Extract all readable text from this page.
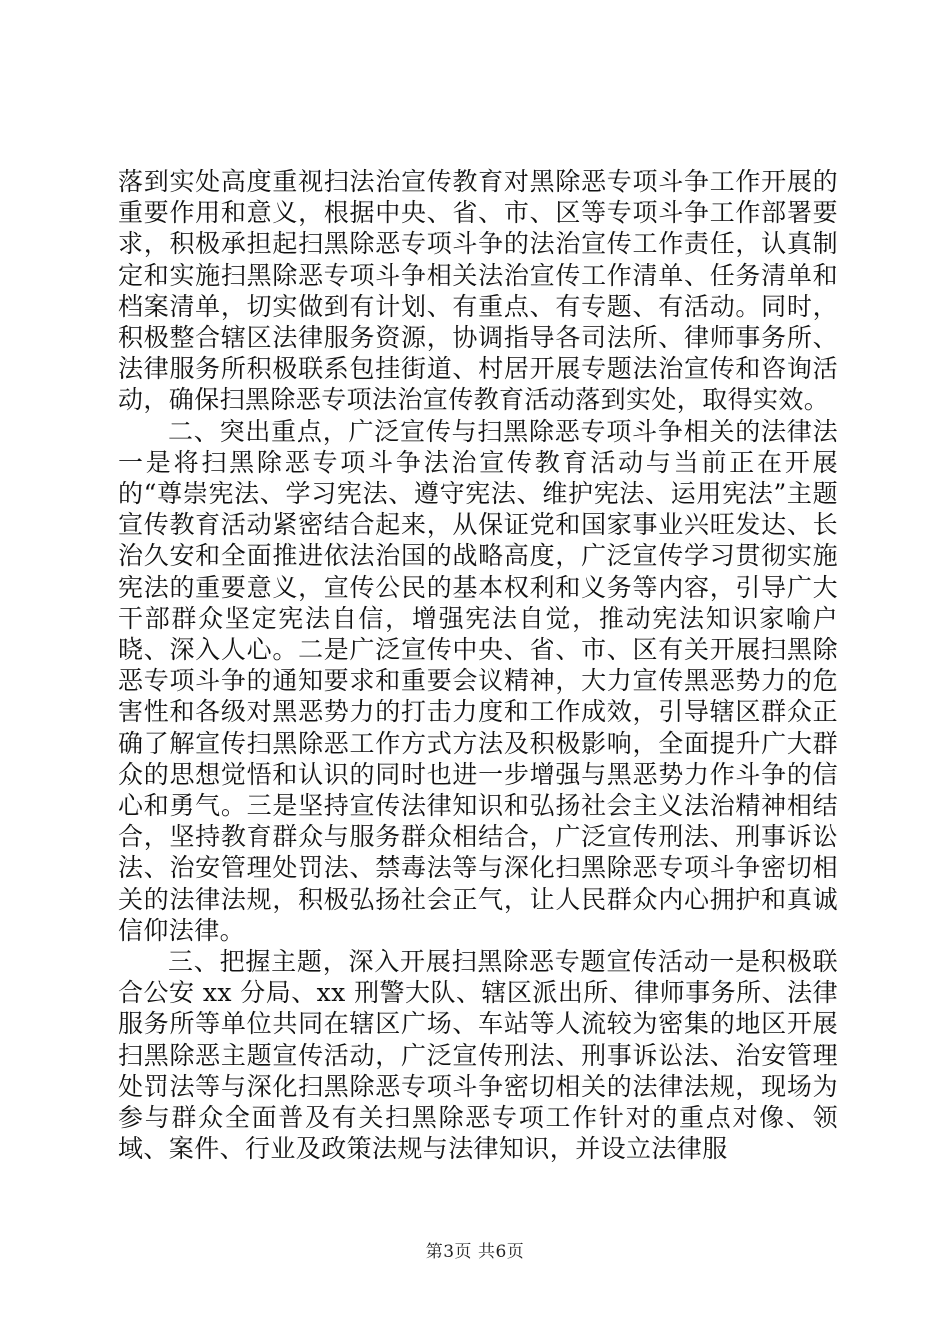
落到实处高度重视扫法治宣传教育对黑除恶专项斗争工作开展的重要作用和意义，根据中央、省、市、区等专项斗争工作部署要求，积极承担起扫黑除恶专项斗争的法治宣传工作责任，认真制定和实施扫黑除恶专项斗争相关法治宣传工作清单、任务清单和档案清单，切实做到有计划、有重点、有专题、有活动。同时，积极整合辖区法律服务资源，协调指导各司法所、律师事务所、法律服务所积极联系包挂街道、村居开展专题法治宣传和咨询活动，确保扫黑除恶专项法治宣传教育活动落到实处，取得实效。

二、突出重点，广泛宣传与扫黑除恶专项斗争相关的法律法一是将扫黑除恶专项斗争法治宣传教育活动与当前正在开展的“尊崇宪法、学习宪法、遵守宪法、维护宪法、运用宪法”主题宣传教育活动紧密结合起来，从保证党和国家事业兴旺发达、长治久安和全面推进依法治国的战略高度，广泛宣传学习贯彻实施宪法的重要意义，宣传公民的基本权利和义务等内容，引导广大干部群众坚定宪法自信，增强宪法自觉，推动宪法知识家喻户晓、深入人心。二是广泛宣传中央、省、市、区有关开展扫黑除恶专项斗争的通知要求和重要会议精神，大力宣传黑恶势力的危害性和各级对黑恶势力的打击力度和工作成效，引导辖区群众正确了解宣传扫黑除恶工作方式方法及积极影响，全面提升广大群众的思想觉悟和认识的同时也进一步增强与黑恶势力作斗争的信心和勇气。三是坚持宣传法律知识和弘扬社会主义法治精神相结合，坚持教育群众与服务群众相结合，广泛宣传刑法、刑事诉讼法、治安管理处罚法、禁毒法等与深化扫黑除恶专项斗争密切相关的法律法规，积极弘扬社会正气，让人民群众内心拥护和真诚信仰法律。

三、把握主题，深入开展扫黑除恶专题宣传活动一是积极联合公安 xx 分局、xx 刑警大队、辖区派出所、律师事务所、法律服务所等单位共同在辖区广场、车站等人流较为密集的地区开展扫黑除恶主题宣传活动，广泛宣传刑法、刑事诉讼法、治安管理处罚法等与深化扫黑除恶专项斗争密切相关的法律法规，现场为参与群众全面普及有关扫黑除恶专项工作针对的重点对像、领域、案件、行业及政策法规与法律知识，并设立法律服

第3页 共6页
